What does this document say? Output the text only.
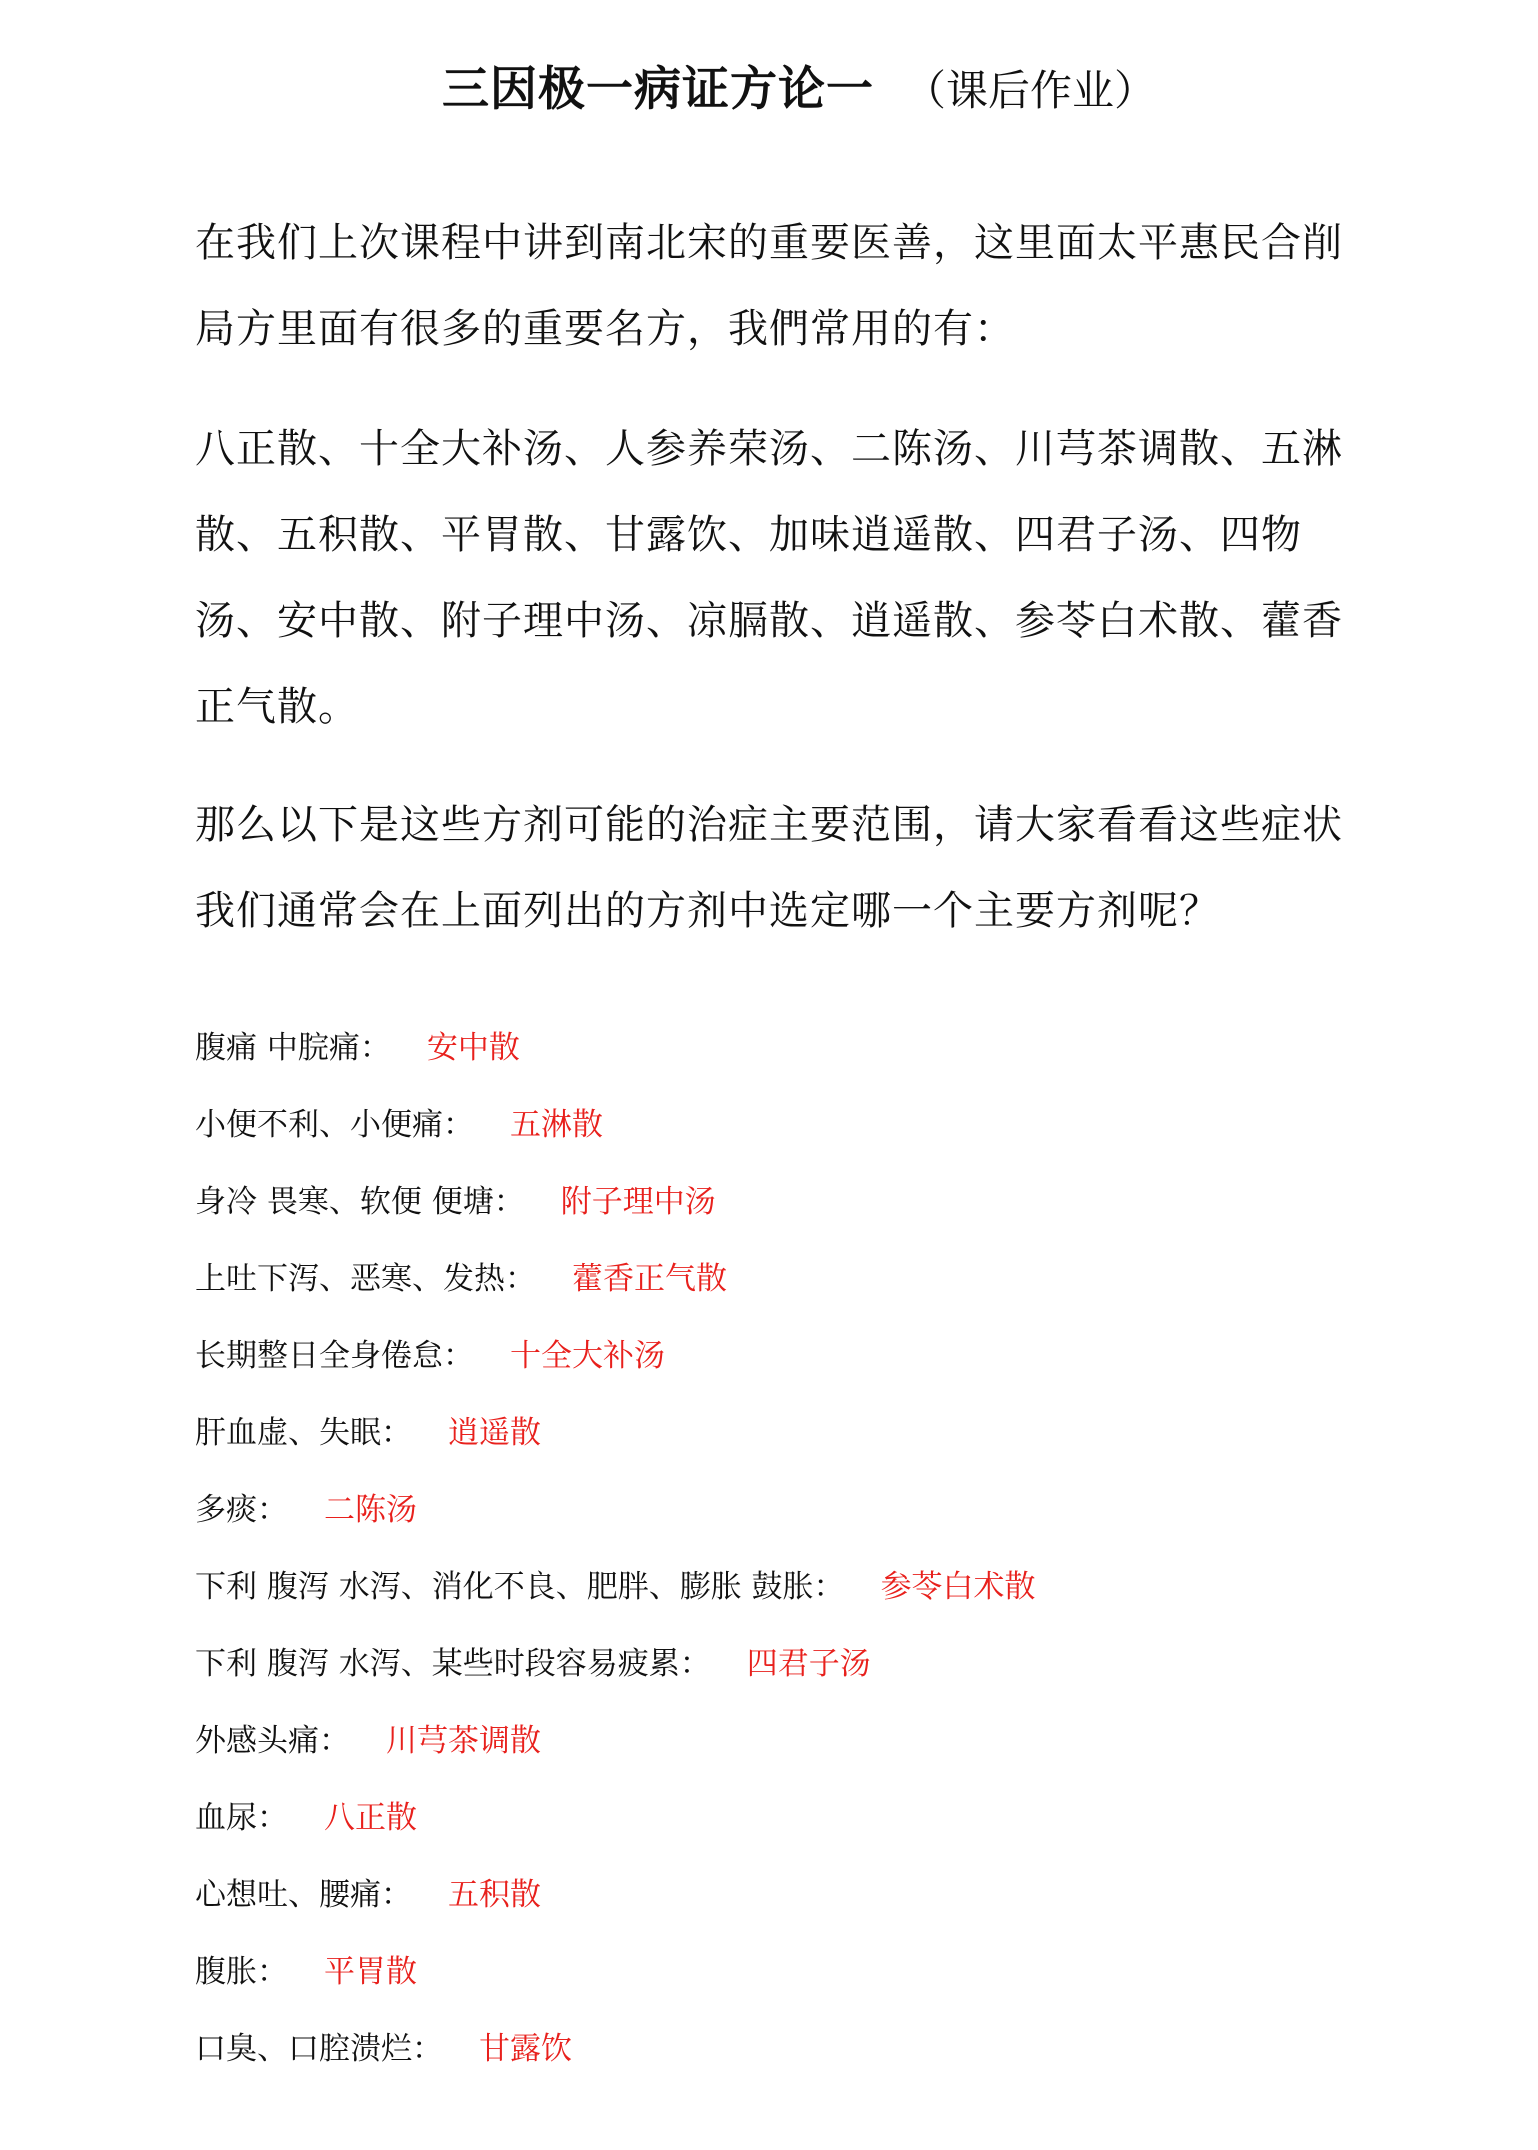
三因极一病证方论一 （课后作业）

在我们上次课程中讲到南北宋的重要医善，这里面太平惠民合削局方里面有很多的重要名方，我們常用的有：

八正散、十全大补汤、人参养荣汤、二陈汤、川芎茶调散、五淋散、五积散、平胃散、甘露饮、加味逍遥散、四君子汤、四物汤、安中散、附子理中汤、凉膈散、逍遥散、参苓白术散、藿香正气散。

那么以下是这些方剂可能的治症主要范围，请大家看看这些症状我们通常会在上面列出的方剂中选定哪一个主要方剂呢？

腹痛 中脘痛： 安中散
小便不利、小便痛： 五淋散
身冷 畏寒、软便 便塘： 附子理中汤
上吐下泻、恶寒、发热： 藿香正气散
长期整日全身倦怠： 十全大补汤
肝血虚、失眠： 逍遥散
多痰： 二陈汤
下利 腹泻 水泻、消化不良、肥胖、膨胀 鼓胀： 参苓白术散
下利 腹泻 水泻、某些时段容易疲累： 四君子汤
外感头痛： 川芎茶调散
血尿： 八正散
心想吐、腰痛： 五积散
腹胀： 平胃散
口臭、口腔溃烂： 甘露饮
